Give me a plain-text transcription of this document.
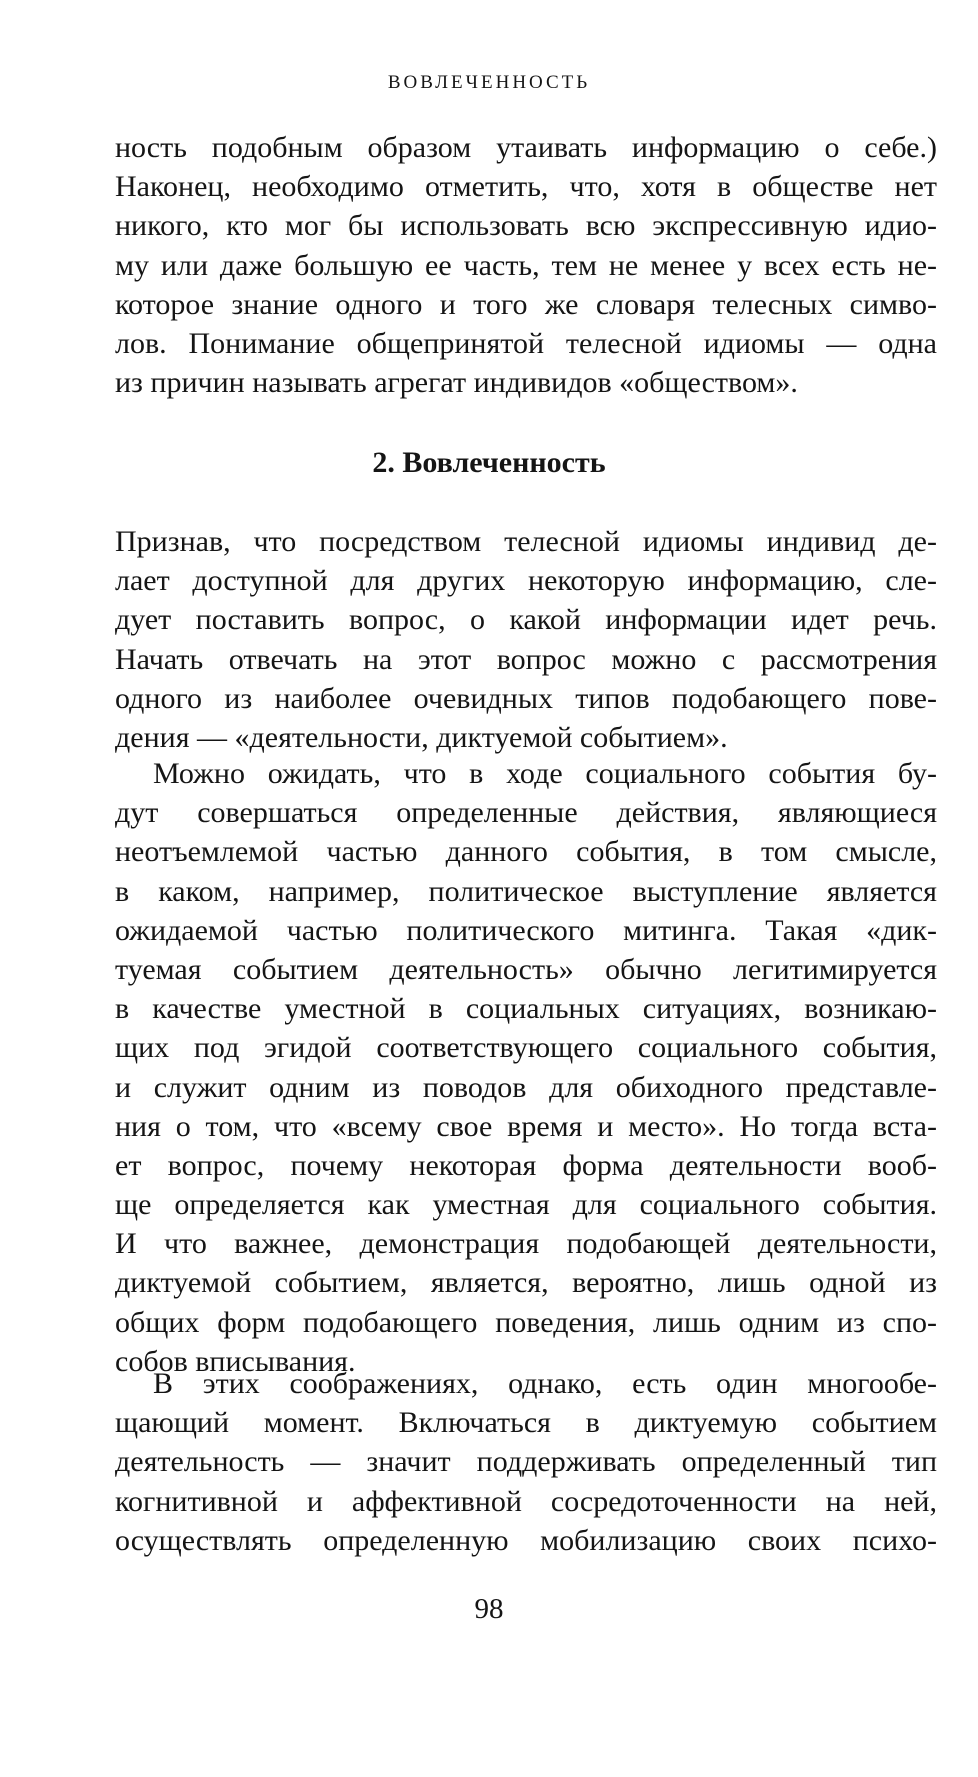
ВОВЛЕЧЕННОСТЬ

ность подобным образом утаивать информацию о себе.)
Наконец, необходимо отметить, что, хотя в обществе нет
никого, кто мог бы использовать всю экспрессивную идио-
му или даже большую ее часть, тем не менее у всех есть не-
которое знание одного и того же словаря телесных симво-
лов. Понимание общепринятой телесной идиомы — одна
из причин называть агрегат индивидов «обществом».
2. Вовлеченность
Признав, что посредством телесной идиомы индивид де-
лает доступной для других некоторую информацию, сле-
дует поставить вопрос, о какой информации идет речь.
Начать отвечать на этот вопрос можно с рассмотрения
одного из наиболее очевидных типов подобающего пове-
дения — «деятельности, диктуемой событием».
Можно ожидать, что в ходе социального события бу-
дут совершаться определенные действия, являющиеся
неотъемлемой частью данного события, в том смысле,
в каком, например, политическое выступление является
ожидаемой частью политического митинга. Такая «дик-
туемая событием деятельность» обычно легитимируется
в качестве уместной в социальных ситуациях, возникаю-
щих под эгидой соответствующего социального события,
и служит одним из поводов для обиходного представле-
ния о том, что «всему свое время и место». Но тогда вста-
ет вопрос, почему некоторая форма деятельности вооб-
ще определяется как уместная для социального события.
И что важнее, демонстрация подобающей деятельности,
диктуемой событием, является, вероятно, лишь одной из
общих форм подобающего поведения, лишь одним из спо-
собов вписывания.
В этих соображениях, однако, есть один многообе-
щающий момент. Включаться в диктуемую событием
деятельность — значит поддерживать определенный тип
когнитивной и аффективной сосредоточенности на ней,
осуществлять определенную мобилизацию своих психо-

98
